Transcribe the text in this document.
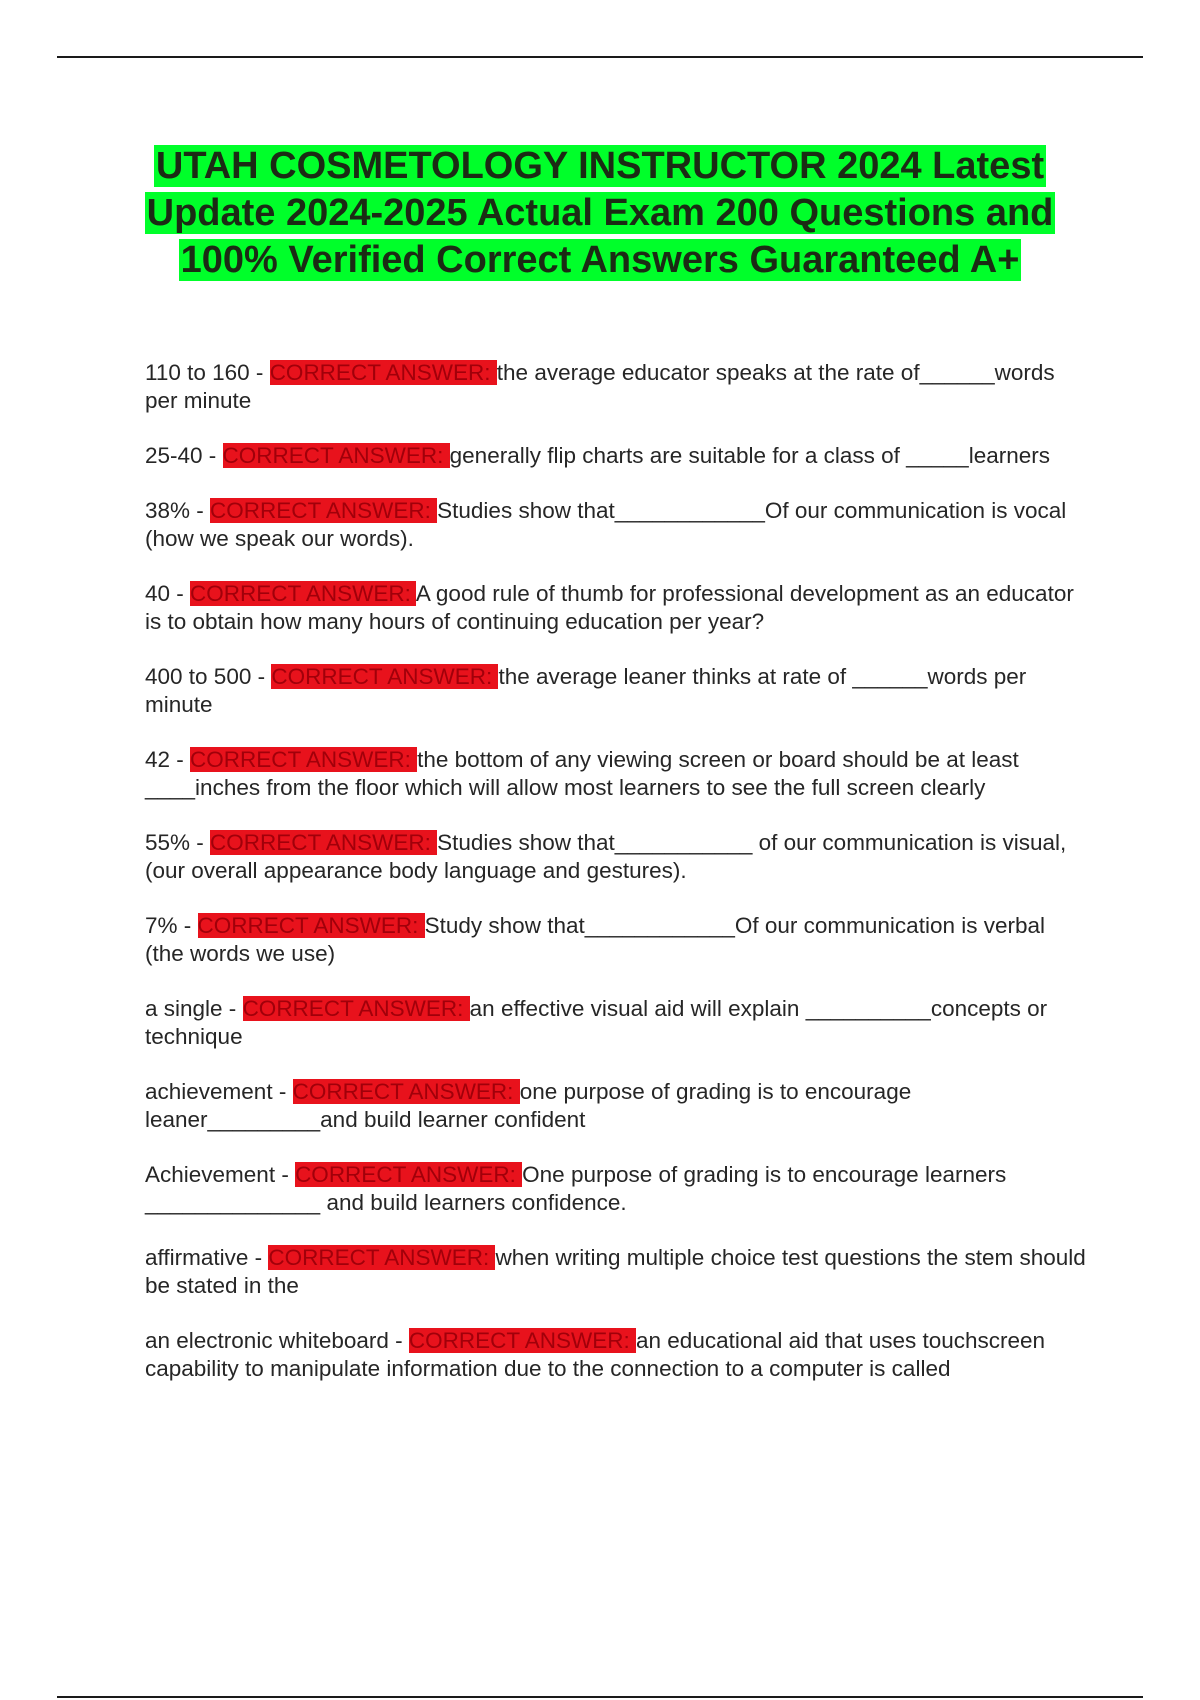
UTAH COSMETOLOGY INSTRUCTOR 2024 Latest Update 2024-2025 Actual Exam 200 Questions and 100% Verified Correct Answers Guaranteed A+

110 to 160 - CORRECT ANSWER: the average educator speaks at the rate of______words per minute

25-40 - CORRECT ANSWER: generally flip charts are suitable for a class of _____learners

38% - CORRECT ANSWER: Studies show that____________Of our communication is vocal (how we speak our words).

40 - CORRECT ANSWER: A good rule of thumb for professional development as an educator is to obtain how many hours of continuing education per year?

400 to 500 - CORRECT ANSWER: the average leaner thinks at rate of ______words per minute

42 - CORRECT ANSWER: the bottom of any viewing screen or board should be at least ____inches from the floor which will allow most learners to see the full screen clearly

55% - CORRECT ANSWER: Studies show that___________ of our communication is visual, (our overall appearance body language and gestures).

7% - CORRECT ANSWER: Study show that____________Of our communication is verbal (the words we use)

a single - CORRECT ANSWER: an effective visual aid will explain __________concepts or technique

achievement - CORRECT ANSWER: one purpose of grading is to encourage leaner_________and build learner confident

Achievement - CORRECT ANSWER: One purpose of grading is to encourage learners ______________ and build learners confidence.

affirmative - CORRECT ANSWER: when writing multiple choice test questions the stem should be stated in the

an electronic whiteboard - CORRECT ANSWER: an educational aid that uses touchscreen capability to manipulate information due to the connection to a computer is called
